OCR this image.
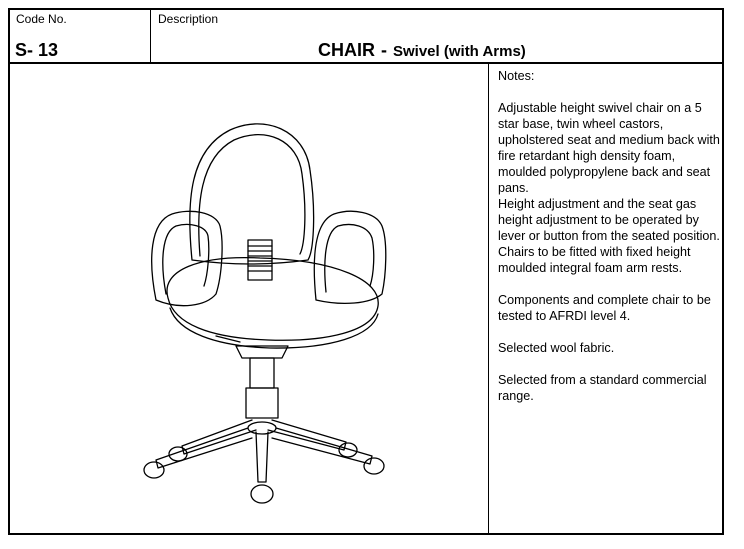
Code No.	Description
S- 13	CHAIR - Swivel (with Arms)

Notes:

Adjustable height swivel chair on a 5 star base, twin wheel castors, upholstered seat and medium back with fire retardant high density foam, moulded polypropylene back and seat pans.

Height adjustment and the seat gas height adjustment to be operated by lever or button from the seated position.

Chairs to be fitted with fixed height moulded integral foam arm rests.

Components and complete chair to be tested to AFRDI level 4.

Selected wool fabric.

Selected from a standard commercial range.
